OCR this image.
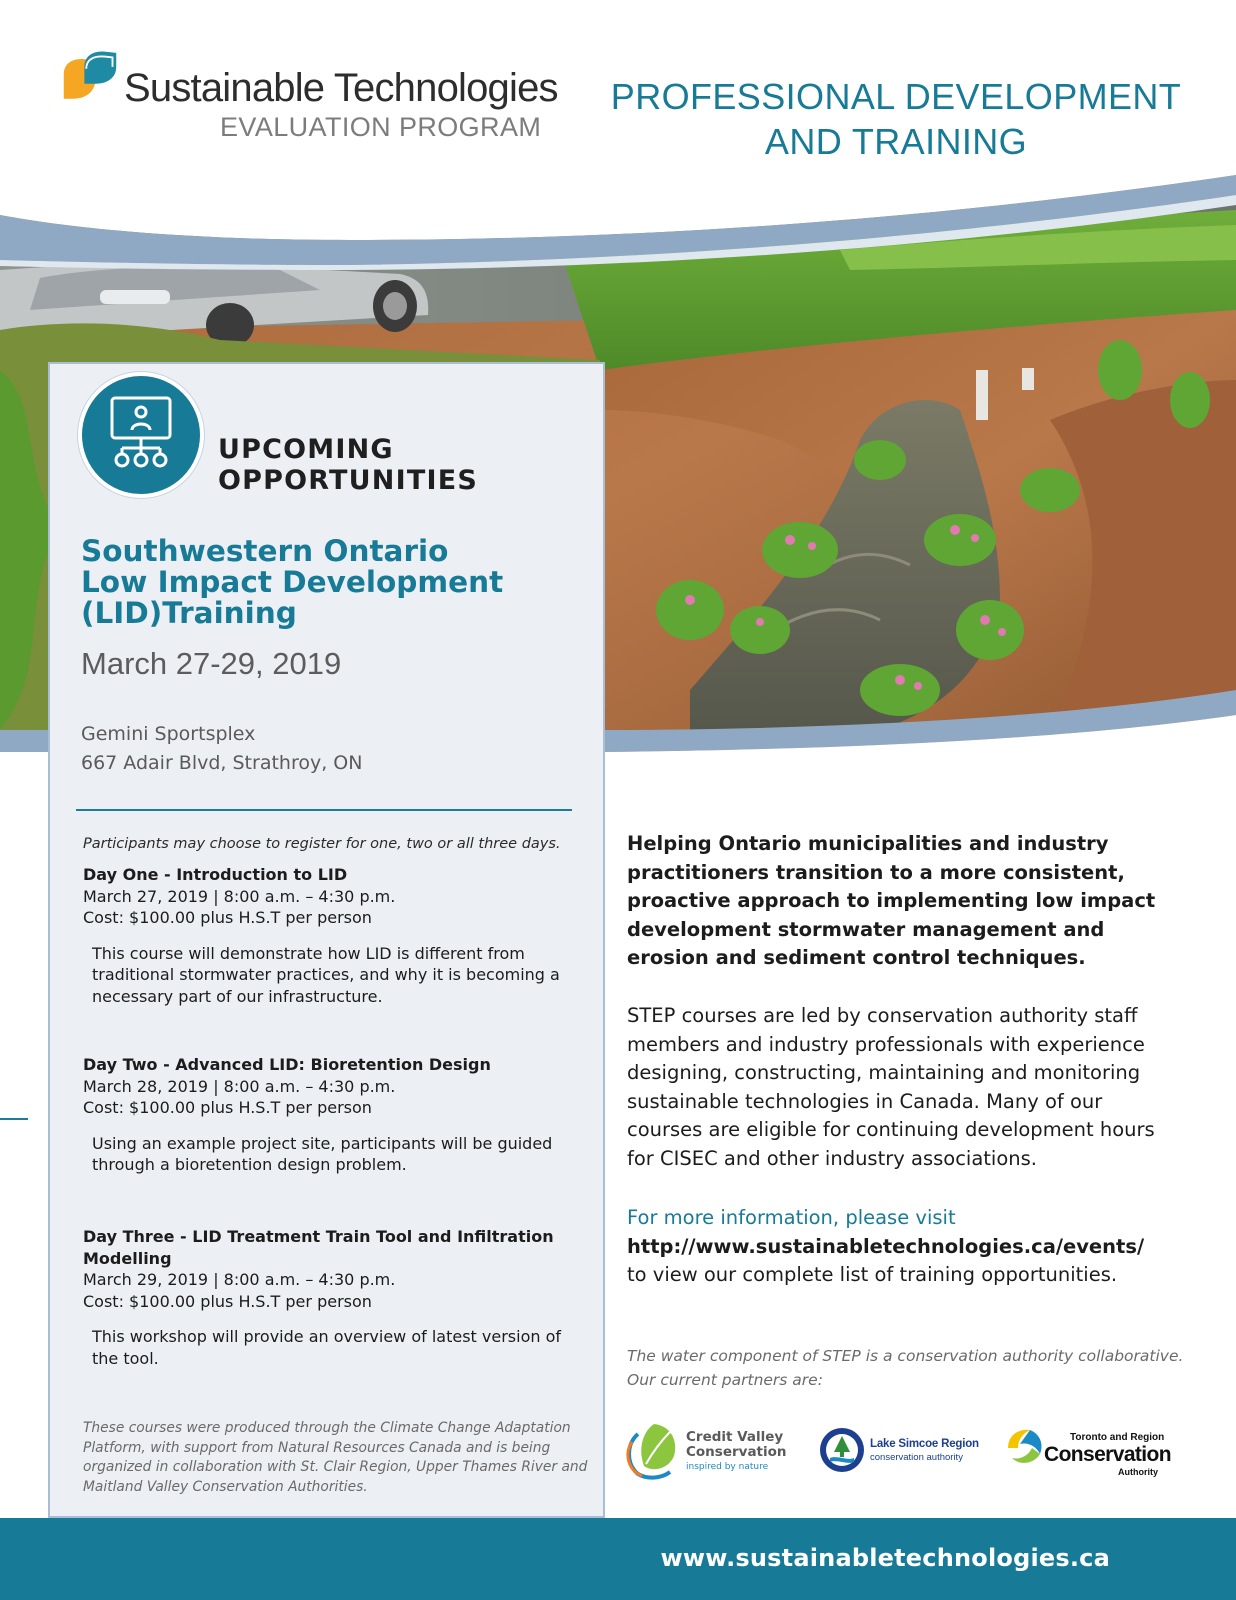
Sustainable Technologies
EVALUATION PROGRAM
PROFESSIONAL DEVELOPMENT
AND TRAINING
UPCOMING
OPPORTUNITIES
Southwestern Ontario
Low Impact Development
(LID)Training
March 27-29, 2019
Gemini Sportsplex
667 Adair Blvd, Strathroy, ON
Participants may choose to register for one, two or all three days.
Day One - Introduction to LID
March 27, 2019 | 8:00 a.m. – 4:30 p.m.
Cost: $100.00 plus H.S.T per person
This course will demonstrate how LID is different from traditional stormwater practices, and why it is becoming a necessary part of our infrastructure.
Day Two - Advanced LID: Bioretention Design
March 28, 2019 | 8:00 a.m. – 4:30 p.m.
Cost: $100.00 plus H.S.T per person
Using an example project site, participants will be guided through a bioretention design problem.
Day Three - LID Treatment Train Tool and Infiltration Modelling
March 29, 2019 | 8:00 a.m. – 4:30 p.m.
Cost: $100.00 plus H.S.T per person
This workshop will provide an overview of latest version of the tool.
These courses were produced through the Climate Change Adaptation Platform, with support from Natural Resources Canada and is being organized in collaboration with St. Clair Region, Upper Thames River and Maitland Valley Conservation Authorities.
Helping Ontario municipalities and industry
practitioners transition to a more consistent,
proactive approach to implementing low impact
development stormwater management and
erosion and sediment control techniques.
STEP courses are led by conservation authority staff
members and industry professionals with experience
designing, constructing, maintaining and monitoring
sustainable technologies in Canada. Many of our
courses are eligible for continuing development hours
for CISEC and other industry associations.
For more information, please visit
http://www.sustainabletechnologies.ca/events/
to view our complete list of training opportunities.
The water component of STEP is a conservation authority collaborative.
Our current partners are:
Credit Valley
Conservation
inspired by nature
Lake Simcoe Region
conservation authority
Toronto and Region
Conservation
Authority
www.sustainabletechnologies.ca
